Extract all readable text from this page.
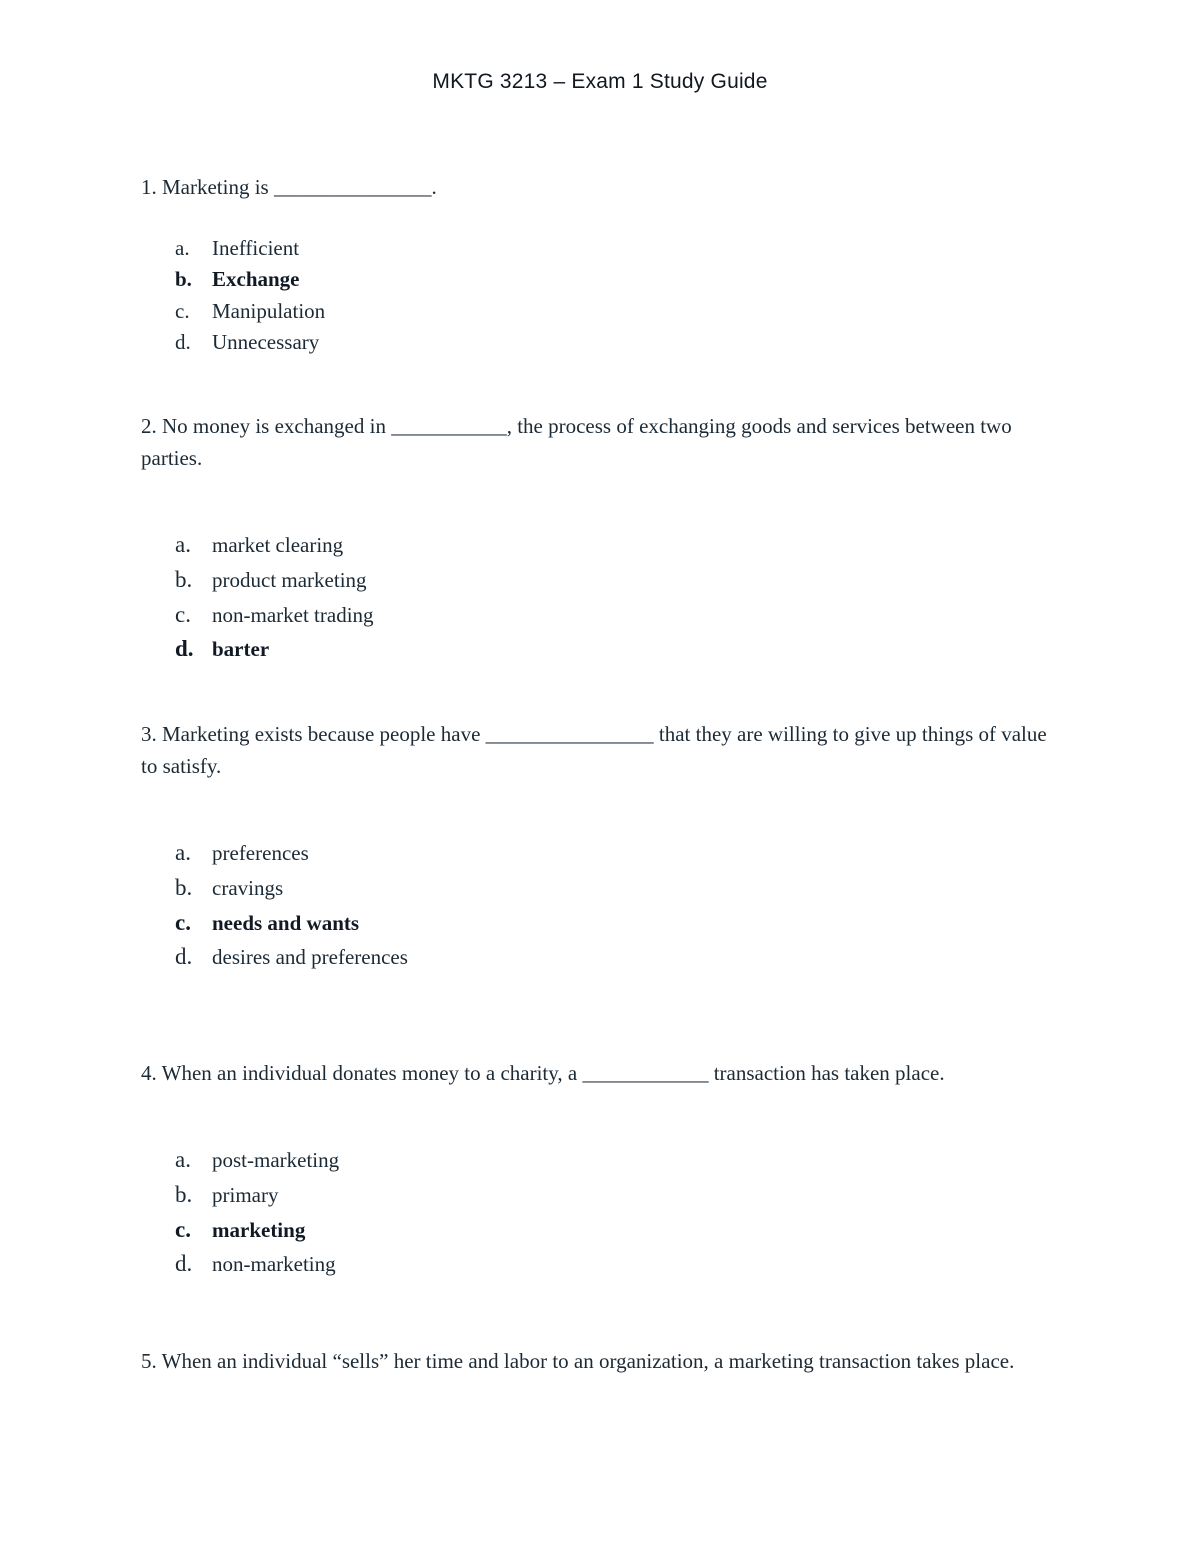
MKTG 3213 – Exam 1 Study Guide
1. Marketing is _______________.
a.	Inefficient
b. Exchange
c.	Manipulation
d.	Unnecessary
2. No money is exchanged in ___________, the process of exchanging goods and services between two parties.
a.	market clearing
b. product marketing
c.	non-market trading
d. barter
3. Marketing exists because people have ________________ that they are willing to give up things of value to satisfy.
a.	preferences
b. cravings
c.	needs and wants
d. desires and preferences
4. When an individual donates money to a charity, a ____________ transaction has taken place.
a.	post-marketing
b. primary
c.	marketing
d. non-marketing
5. When an individual “sells” her time and labor to an organization, a marketing transaction takes place.
